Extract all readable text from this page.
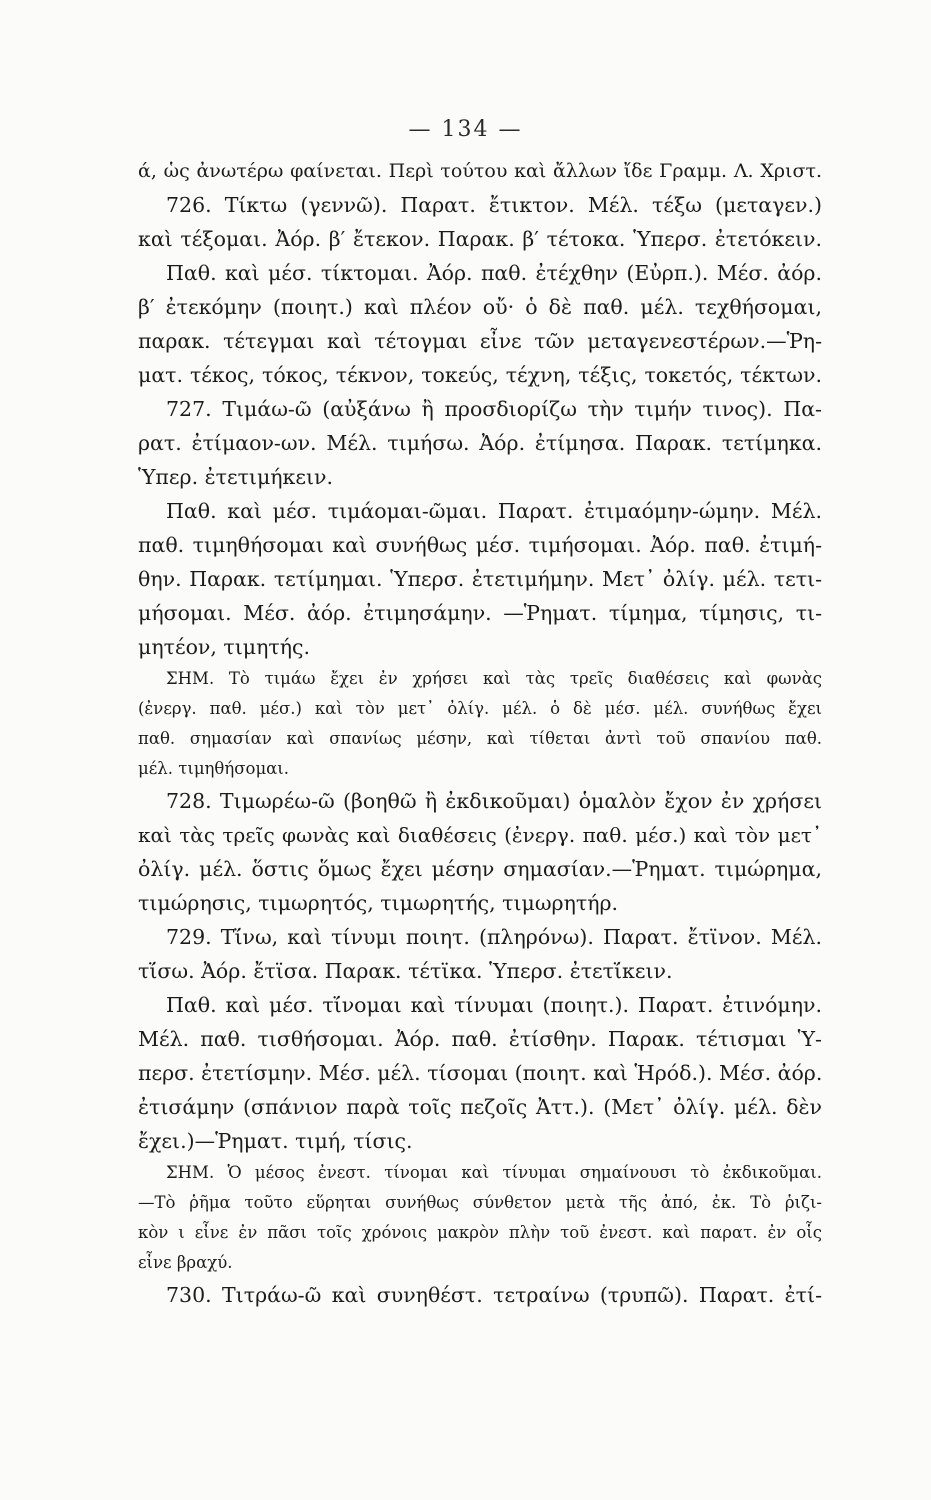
— 134 —
ά, ὡς ἀνωτέρω φαίνεται. Περὶ τούτου καὶ ἄλλων ἴδε Γραμμ. Λ. Χριστ.
726. Τίκτω (γεννῶ). Παρατ. ἔτικτον. Μέλ. τέξω (μεταγεν.)
καὶ τέξομαι. Ἀόρ. β′ ἔτεκον. Παρακ. β′ τέτοκα. Ὑπερσ. ἐτετόκειν.
Παθ. καὶ μέσ. τίκτομαι. Ἀόρ. παθ. ἐτέχθην (Εὐρπ.). Μέσ. ἀόρ.
β′ ἐτεκόμην (ποιητ.) καὶ πλέον οὔ· ὁ δὲ παθ. μέλ. τεχθήσομαι,
παρακ. τέτεγμαι καὶ τέτογμαι εἶνε τῶν μεταγενεστέρων.—Ῥη-
ματ. τέκος, τόκος, τέκνον, τοκεύς, τέχνη, τέξις, τοκετός, τέκτων.
727. Τιμάω-ῶ (αὐξάνω ἢ προσδιορίζω τὴν τιμήν τινος). Πα-
ρατ. ἐτίμαον-ων. Μέλ. τιμήσω. Ἀόρ. ἐτίμησα. Παρακ. τετίμηκα.
Ὑπερ. ἐτετιμήκειν.
Παθ. καὶ μέσ. τιμάομαι-ῶμαι. Παρατ. ἐτιμαόμην-ώμην. Μέλ.
παθ. τιμηθήσομαι καὶ συνήθως μέσ. τιμήσομαι. Ἀόρ. παθ. ἐτιμή-
θην. Παρακ. τετίμημαι. Ὑπερσ. ἐτετιμήμην. Μετ᾽ ὀλίγ. μέλ. τετι-
μήσομαι. Μέσ. ἀόρ. ἐτιμησάμην. —Ῥηματ. τίμημα, τίμησις, τι-
μητέον, τιμητής.
ΣΗΜ. Τὸ τιμάω ἔχει ἐν χρήσει καὶ τὰς τρεῖς διαθέσεις καὶ φωνὰς
(ἐνεργ. παθ. μέσ.) καὶ τὸν μετ᾽ ὀλίγ. μέλ. ὁ δὲ μέσ. μέλ. συνήθως ἔχει
παθ. σημασίαν καὶ σπανίως μέσην, καὶ τίθεται ἀντὶ τοῦ σπανίου παθ.
μέλ. τιμηθήσομαι.
728. Τιμωρέω-ῶ (βοηθῶ ἢ ἐκδικοῦμαι) ὁμαλὸν ἔχον ἐν χρήσει
καὶ τὰς τρεῖς φωνὰς καὶ διαθέσεις (ἐνεργ. παθ. μέσ.) καὶ τὸν μετ᾽
ὀλίγ. μέλ. ὅστις ὅμως ἔχει μέσην σημασίαν.—Ῥηματ. τιμώρημα,
τιμώρησις, τιμωρητός, τιμωρητής, τιμωρητήρ.
729. Τί̈νω, καὶ τίνυμι ποιητ. (πληρόνω). Παρατ. ἔτϊνον. Μέλ.
τί̈σω. Ἀόρ. ἔτϊσα. Παρακ. τέτϊκα. Ὑπερσ. ἐτετί̈κειν.
Παθ. καὶ μέσ. τί̈νομαι καὶ τίνυμαι (ποιητ.). Παρατ. ἐτινόμην.
Μέλ. παθ. τισθήσομαι. Ἀόρ. παθ. ἐτίσθην. Παρακ. τέτισμαι Ὑ-
περσ. ἐτετίσμην. Μέσ. μέλ. τίσομαι (ποιητ. καὶ Ἡρόδ.). Μέσ. ἀόρ.
ἐτισάμην (σπάνιον παρὰ τοῖς πεζοῖς Ἀττ.). (Μετ᾽ ὀλίγ. μέλ. δὲν
ἔχει.)—Ῥηματ. τιμή, τίσις.
ΣΗΜ. Ὁ μέσος ἐνεστ. τίνομαι καὶ τίνυμαι σημαίνουσι τὸ ἐκδικοῦμαι.
—Τὸ ῥῆμα τοῦτο εὕρηται συνήθως σύνθετον μετὰ τῆς ἀπό, ἐκ. Τὸ ῥιζι-
κὸν ι εἶνε ἐν πᾶσι τοῖς χρόνοις μακρὸν πλὴν τοῦ ἐνεστ. καὶ παρατ. ἐν οἷς
εἶνε βραχύ.
730. Τιτράω-ῶ καὶ συνηθέστ. τετραίνω (τρυπῶ). Παρατ. ἐτί-
